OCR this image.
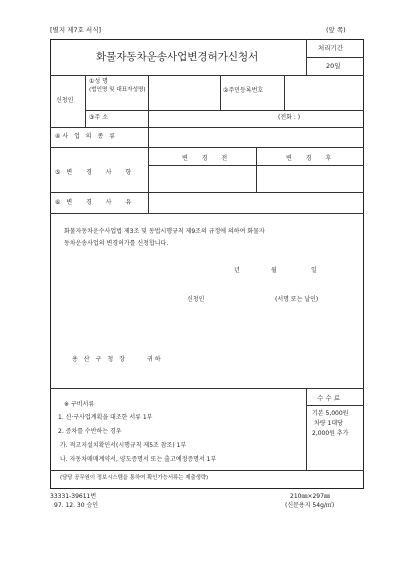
[별지 제7호 서식]	(앞 쪽)
화물자동차운송사업변경허가신청서
처리기간
20일
신청인
①성 명
(법인명 및 대표자성명)	②주민등록번호
③주 소	(전화 : )
④사 업 의 종 류
⑤변 경 사 항
변 경 전	변 경 후
⑥변 경 사 유
화물자동차운수사업법 제3조 및 동법시행규칙 제9조의 규정에 의하여 화물자
동차운송사업의 변경허가를 신청합니다.
년	월	일
신청인	(서명 또는 날인)
용산구청장	귀하
※ 구비서류
1. 신·구사업계획을 대조한 서류 1부
2. 증차를 수반하는 경우
가. 적고지설치확인서(시행규칙 제5조 참조) 1부
나. 자동차매매계약서, 양도증명서 또는 출고예정증명서 1부
수 수 료
기본 5,000원
차량 1대당
2,000원 추가
(담당 공무원이 정보시스템을 통하여 확인가능서류는 제출생략)
33331-39611번
97. 12. 30 승인
210㎜×297㎜
(신문용지 54g/㎡)
